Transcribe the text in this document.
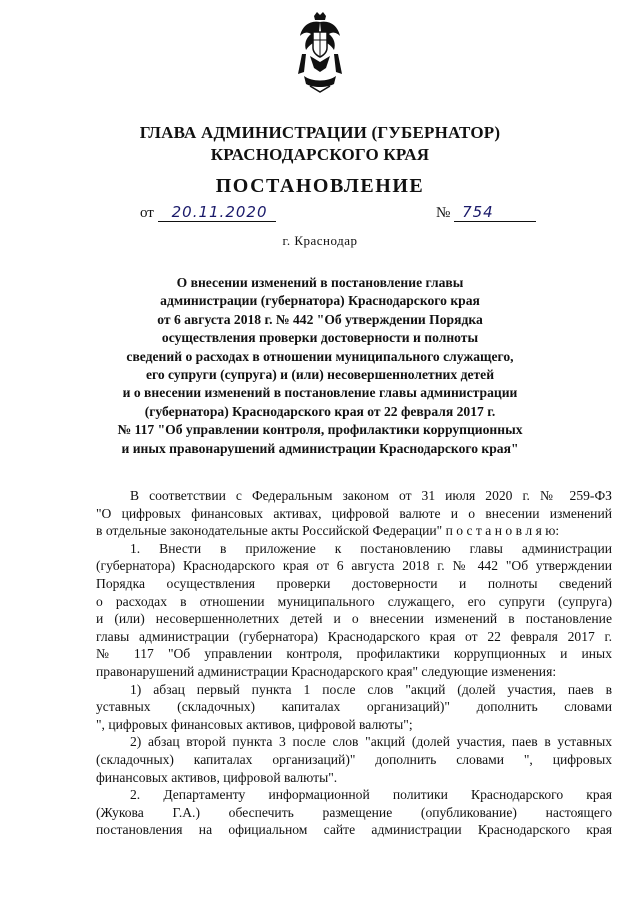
ГЛАВА АДМИНИСТРАЦИИ (ГУБЕРНАТОР)
КРАСНОДАРСКОГО КРАЯ
ПОСТАНОВЛЕНИЕ
от 20.11.2020	№ 754
г. Краснодар
О внесении изменений в постановление главы
администрации (губернатора) Краснодарского края
от 6 августа 2018 г. № 442 "Об утверждении Порядка
осуществления проверки достоверности и полноты
сведений о расходах в отношении муниципального служащего,
его супруги (супруга) и (или) несовершеннолетних детей
и о внесении изменений в постановление главы администрации
(губернатора) Краснодарского края от 22 февраля 2017 г.
№ 117 "Об управлении контроля, профилактики коррупционных
и иных правонарушений администрации Краснодарского края"
В соответствии с Федеральным законом от 31 июля 2020 г. № 259-ФЗ
"О цифровых финансовых активах, цифровой валюте и о внесении изменений
в отдельные законодательные акты Российской Федерации" п о с т а н о в л я ю:
1. Внести в приложение к постановлению главы администрации
(губернатора) Краснодарского края от 6 августа 2018 г. № 442 "Об утверждении
Порядка осуществления проверки достоверности и полноты сведений
о расходах в отношении муниципального служащего, его супруги (супруга)
и (или) несовершеннолетних детей и о внесении изменений в постановление
главы администрации (губернатора) Краснодарского края от 22 февраля 2017 г.
№ 117 "Об управлении контроля, профилактики коррупционных и иных
правонарушений администрации Краснодарского края" следующие изменения:
1) абзац первый пункта 1 после слов "акций (долей участия, паев в
уставных (складочных) капиталах организаций)" дополнить словами
", цифровых финансовых активов, цифровой валюты";
2) абзац второй пункта 3 после слов "акций (долей участия, паев в уставных
(складочных) капиталах организаций)" дополнить словами ", цифровых
финансовых активов, цифровой валюты".
2. Департаменту информационной политики Краснодарского края
(Жукова Г.А.) обеспечить размещение (опубликование) настоящего
постановления на официальном сайте администрации Краснодарского края
